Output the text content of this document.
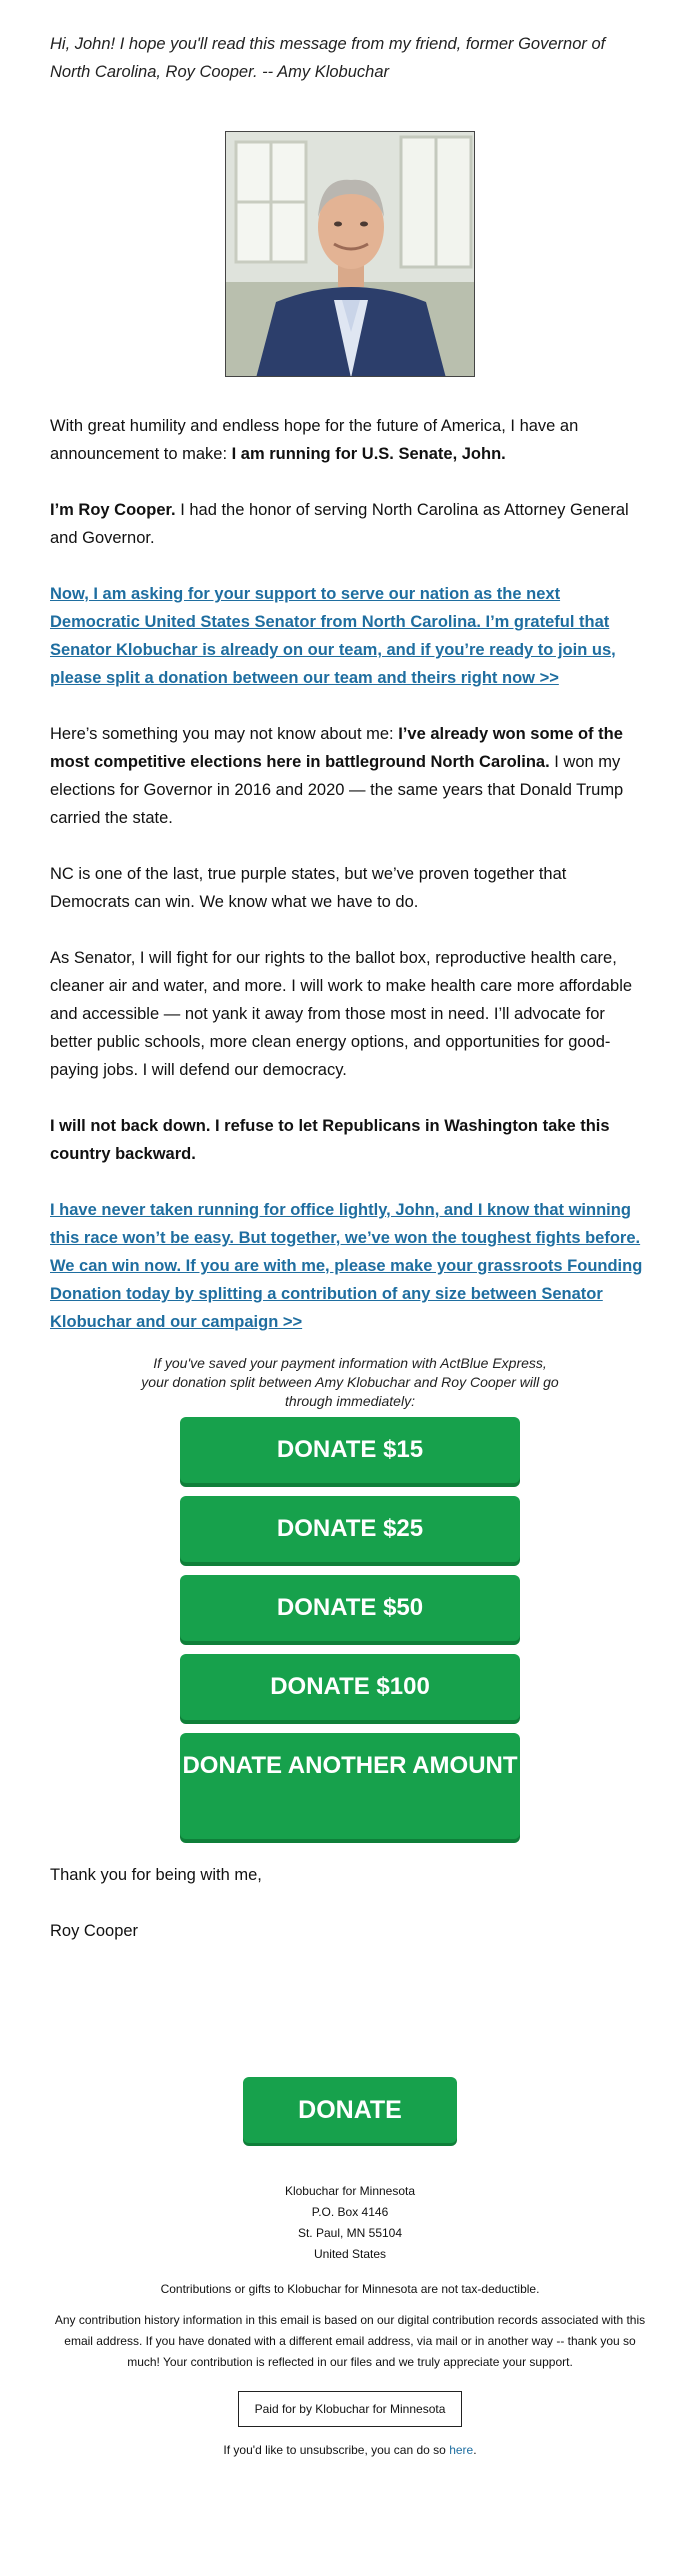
Hi, John! I hope you'll read this message from my friend, former Governor of North Carolina, Roy Cooper. -- Amy Klobuchar

With great humility and endless hope for the future of America, I have an announcement to make: I am running for U.S. Senate, John.

I’m Roy Cooper. I had the honor of serving North Carolina as Attorney General and Governor.

Now, I am asking for your support to serve our nation as the next Democratic United States Senator from North Carolina. I’m grateful that Senator Klobuchar is already on our team, and if you’re ready to join us, please split a donation between our team and theirs right now >>

Here’s something you may not know about me: I’ve already won some of the most competitive elections here in battleground North Carolina. I won my elections for Governor in 2016 and 2020 — the same years that Donald Trump carried the state.

NC is one of the last, true purple states, but we’ve proven together that Democrats can win. We know what we have to do.

As Senator, I will fight for our rights to the ballot box, reproductive health care, cleaner air and water, and more. I will work to make health care more affordable and accessible — not yank it away from those most in need. I’ll advocate for better public schools, more clean energy options, and opportunities for good-paying jobs. I will defend our democracy.

I will not back down. I refuse to let Republicans in Washington take this country backward.

I have never taken running for office lightly, John, and I know that winning this race won’t be easy. But together, we’ve won the toughest fights before. We can win now. If you are with me, please make your grassroots Founding Donation today by splitting a contribution of any size between Senator Klobuchar and our campaign >>

If you've saved your payment information with ActBlue Express, your donation split between Amy Klobuchar and Roy Cooper will go through immediately:

DONATE $15
DONATE $25
DONATE $50
DONATE $100
DONATE ANOTHER AMOUNT

Thank you for being with me,

Roy Cooper

DONATE
Klobuchar for Minnesota
P.O. Box 4146
St. Paul, MN 55104
United States
Contributions or gifts to Klobuchar for Minnesota are not tax-deductible.
Any contribution history information in this email is based on our digital contribution records associated with this email address. If you have donated with a different email address, via mail or in another way -- thank you so much! Your contribution is reflected in our files and we truly appreciate your support.
Paid for by Klobuchar for Minnesota
If you'd like to unsubscribe, you can do so here.
